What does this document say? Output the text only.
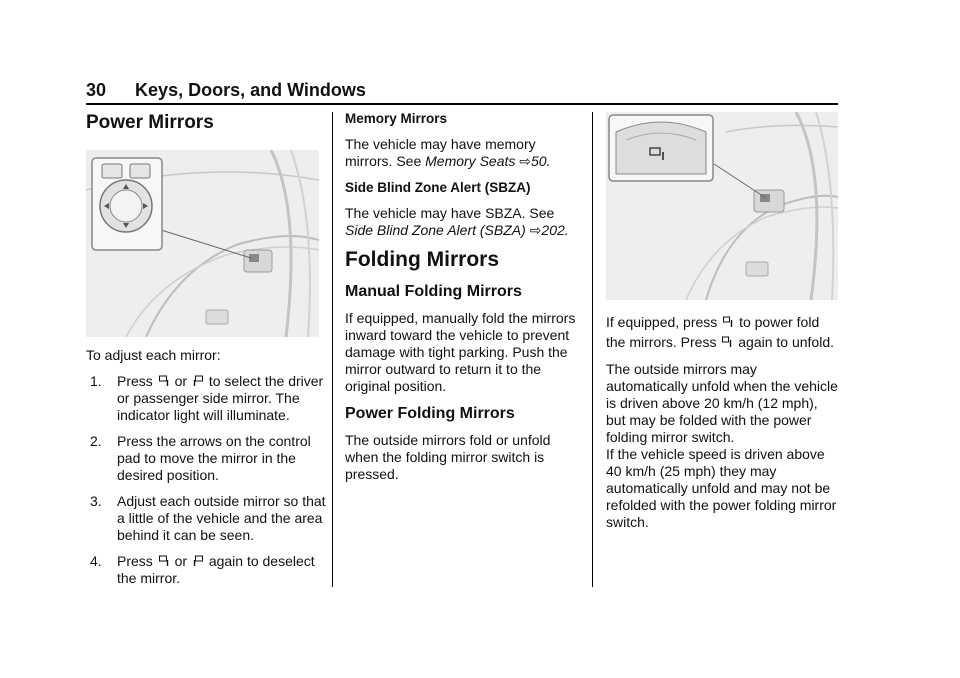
30 Keys, Doors, and Windows
Power Mirrors

To adjust each mirror:

1. Press or to select the driver or passenger side mirror. The indicator light will illuminate.
2. Press the arrows on the control pad to move the mirror in the desired position.
3. Adjust each outside mirror so that a little of the vehicle and the area behind it can be seen.
4. Press or again to deselect the mirror.
Memory Mirrors

The vehicle may have memory mirrors. See Memory Seats ⇨50.

Side Blind Zone Alert (SBZA)

The vehicle may have SBZA. See Side Blind Zone Alert (SBZA) ⇨202.

Folding Mirrors
Manual Folding Mirrors

If equipped, manually fold the mirrors inward toward the vehicle to prevent damage with tight parking. Push the mirror outward to return it to the original position.

Power Folding Mirrors

The outside mirrors fold or unfold when the folding mirror switch is pressed.

If equipped, press to power fold the mirrors. Press again to unfold.

The outside mirrors may automatically unfold when the vehicle is driven above 20 km/h (12 mph), but may be folded with the power folding mirror switch.

If the vehicle speed is driven above 40 km/h (25 mph) they may automatically unfold and may not be refolded with the power folding mirror switch.
